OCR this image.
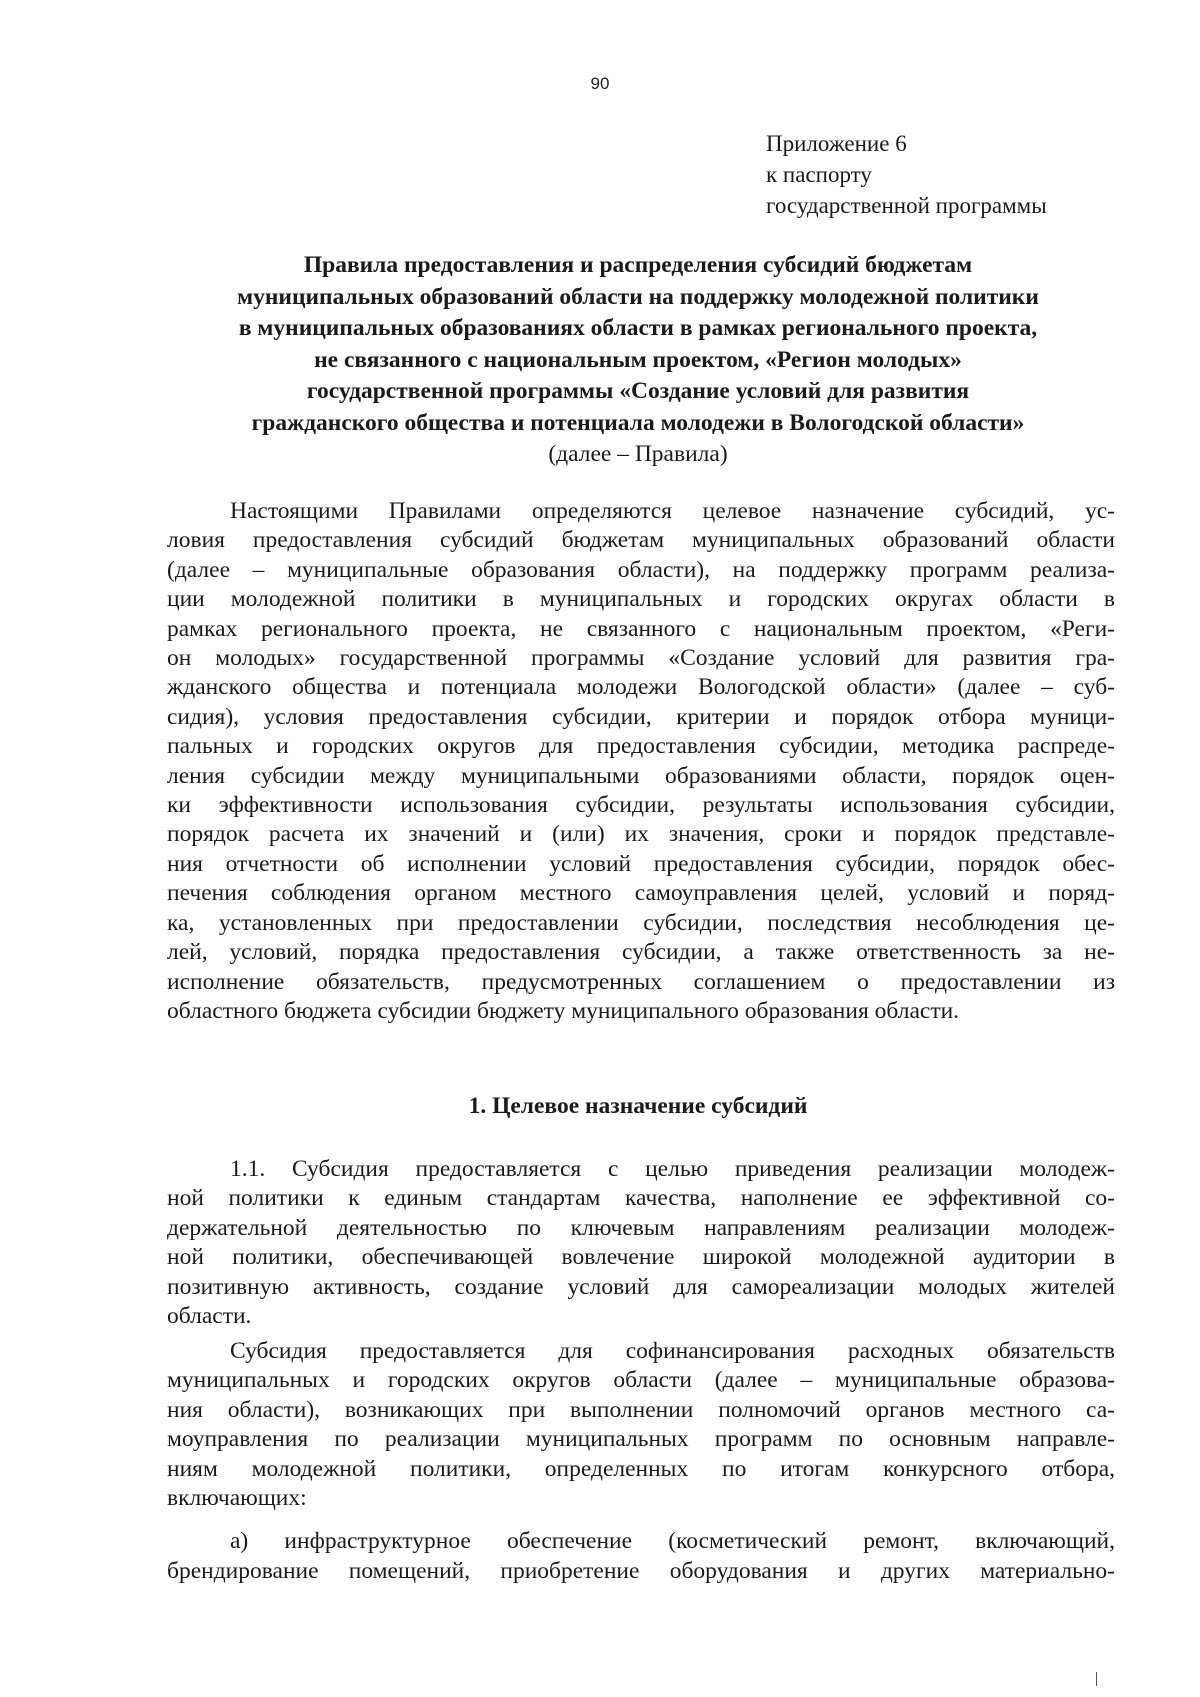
90
Приложение 6
к паспорту
государственной программы
Правила предоставления и распределения субсидий бюджетам
муниципальных образований области на поддержку молодежной политики
в муниципальных образованиях области в рамках регионального проекта,
не связанного с национальным проектом, «Регион молодых»
государственной программы «Создание условий для развития
гражданского общества и потенциала молодежи в Вологодской области»
(далее – Правила)
Настоящими Правилами определяются целевое назначение субсидий, ус-
ловия предоставления субсидий бюджетам муниципальных образований области
(далее – муниципальные образования области), на поддержку программ реализа-
ции молодежной политики в муниципальных и городских округах области в
рамках регионального проекта, не связанного с национальным проектом, «Реги-
он молодых» государственной программы «Создание условий для развития гра-
жданского общества и потенциала молодежи Вологодской области» (далее – суб-
сидия), условия предоставления субсидии, критерии и порядок отбора муници-
пальных и городских округов для предоставления субсидии, методика распреде-
ления субсидии между муниципальными образованиями области, порядок оцен-
ки эффективности использования субсидии, результаты использования субсидии,
порядок расчета их значений и (или) их значения, сроки и порядок представле-
ния отчетности об исполнении условий предоставления субсидии, порядок обес-
печения соблюдения органом местного самоуправления целей, условий и поряд-
ка, установленных при предоставлении субсидии, последствия несоблюдения це-
лей, условий, порядка предоставления субсидии, а также ответственность за не-
исполнение обязательств, предусмотренных соглашением о предоставлении из
областного бюджета субсидии бюджету муниципального образования области.
1. Целевое назначение субсидий
1.1. Субсидия предоставляется с целью приведения реализации молодеж-
ной политики к единым стандартам качества, наполнение ее эффективной со-
держательной деятельностью по ключевым направлениям реализации молодеж-
ной политики, обеспечивающей вовлечение широкой молодежной аудитории в
позитивную активность, создание условий для самореализации молодых жителей
области.
Субсидия предоставляется для софинансирования расходных обязательств
муниципальных и городских округов области (далее – муниципальные образова-
ния области), возникающих при выполнении полномочий органов местного са-
моуправления по реализации муниципальных программ по основным направле-
ниям молодежной политики, определенных по итогам конкурсного отбора,
включающих:
а) инфраструктурное обеспечение (косметический ремонт, включающий,
брендирование помещений, приобретение оборудования и других материально-
